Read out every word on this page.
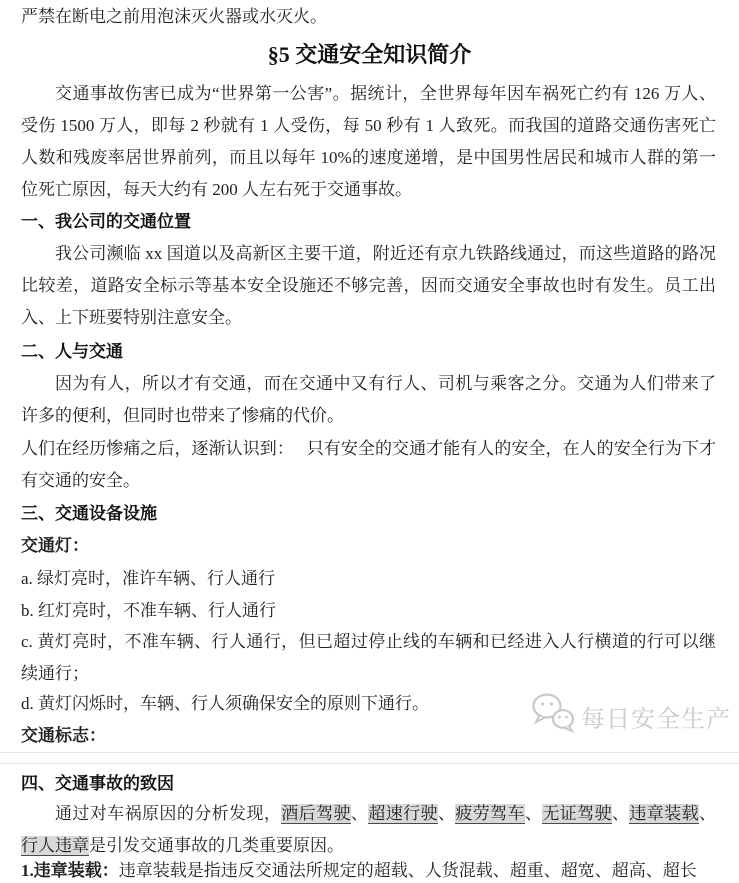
严禁在断电之前用泡沫灭火器或水灭火。

§5 交通安全知识简介

交通事故伤害已成为“世界第一公害”。据统计，全世界每年因车祸死亡约有 126 万人、受伤 1500 万人，即每 2 秒就有 1 人受伤，每 50 秒有 1 人致死。而我国的道路交通伤害死亡人数和残废率居世界前列，而且以每年 10%的速度递增，是中国男性居民和城市人群的第一位死亡原因，每天大约有 200 人左右死于交通事故。

一、我公司的交通位置

我公司濒临 xx 国道以及高新区主要干道，附近还有京九铁路线通过，而这些道路的路况比较差，道路安全标示等基本安全设施还不够完善，因而交通安全事故也时有发生。员工出入、上下班要特别注意安全。

二、人与交通

因为有人，所以才有交通，而在交通中又有行人、司机与乘客之分。交通为人们带来了许多的便利，但同时也带来了惨痛的代价。

人们在经历惨痛之后，逐渐认识到：　 只有安全的交通才能有人的安全，在人的安全行为下才有交通的安全。

三、交通设备设施

交通灯：

a. 绿灯亮时，准许车辆、行人通行

b. 红灯亮时，不准车辆、行人通行

c. 黄灯亮时，不准车辆、行人通行，但已超过停止线的车辆和已经进入人行横道的行可以继续通行；

d. 黄灯闪烁时，车辆、行人须确保安全的原则下通行。

交通标志：

每日安全生产
四、交通事故的致因

通过对车祸原因的分析发现，酒后驾驶、超速行驶、疲劳驾车、无证驾驶、违章装载、行人违章是引发交通事故的几类重要原因。

1.违章装载：违章装载是指违反交通法所规定的超载、人货混载、超重、超宽、超高、超长
